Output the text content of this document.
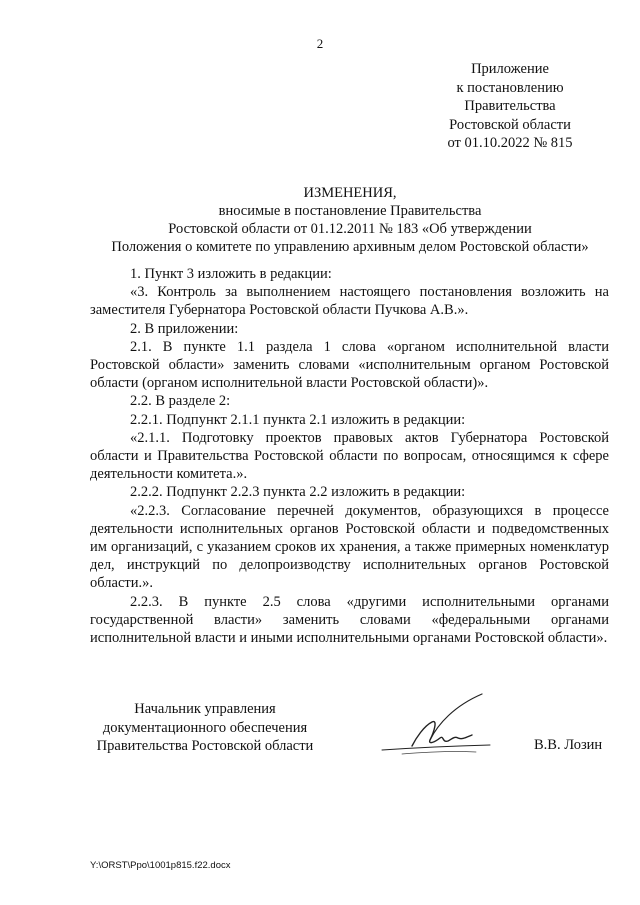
2
Приложение
к постановлению
Правительства
Ростовской области
от 01.10.2022 № 815
ИЗМЕНЕНИЯ,
вносимые в постановление Правительства
Ростовской области от 01.12.2011 № 183 «Об утверждении
Положения о комитете по управлению архивным делом Ростовской области»

1. Пункт 3 изложить в редакции:

«3. Контроль за выполнением настоящего постановления возложить на заместителя Губернатора Ростовской области Пучкова А.В.».

2. В приложении:

2.1. В пункте 1.1 раздела 1 слова «органом исполнительной власти Ростовской области» заменить словами «исполнительным органом Ростовской области (органом исполнительной власти Ростовской области)».

2.2. В разделе 2:

2.2.1. Подпункт 2.1.1 пункта 2.1 изложить в редакции:

«2.1.1. Подготовку проектов правовых актов Губернатора Ростовской области и Правительства Ростовской области по вопросам, относящимся к сфере деятельности комитета.».

2.2.2. Подпункт 2.2.3 пункта 2.2 изложить в редакции:

«2.2.3. Согласование перечней документов, образующихся в процессе деятельности исполнительных органов Ростовской области и подведомственных им организаций, с указанием сроков их хранения, а также примерных номенклатур дел, инструкций по делопроизводству исполнительных органов Ростовской области.».

2.2.3. В пункте 2.5 слова «другими исполнительными органами государственной власти» заменить словами «федеральными органами исполнительной власти и иными исполнительными органами Ростовской области».

Начальник управления
документационного обеспечения
Правительства Ростовской области	В.В. Лозин
Y:\ORST\Ppo\1001p815.f22.docx
